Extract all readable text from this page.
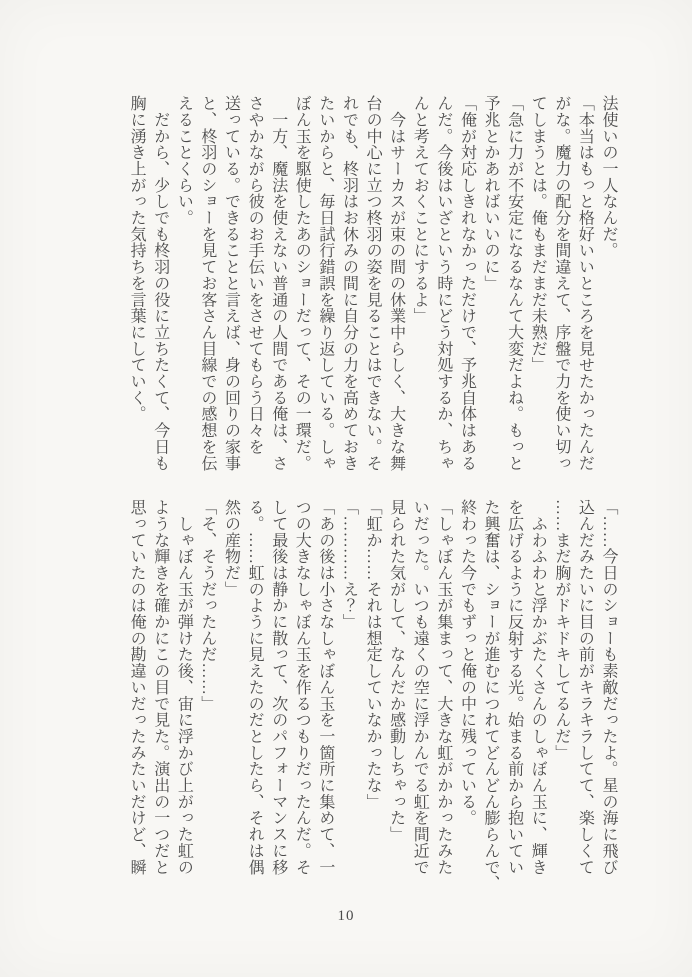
法使いの一人なんだ。
「本当はもっと格好いいところを見せたかったんだ
がな。魔力の配分を間違えて、序盤で力を使い切っ
てしまうとは。俺もまだまだ未熟だ」
「急に力が不安定になるなんて大変だよね。もっと
予兆とかあればいいのに」
「俺が対応しきれなかっただけで、予兆自体はある
んだ。今後はいざという時にどう対処するか、ちゃ
んと考えておくことにするよ」
　今はサーカスが束の間の休業中らしく、大きな舞
台の中心に立つ柊羽の姿を見ることはできない。そ
れでも、柊羽はお休みの間に自分の力を高めておき
たいからと、毎日試行錯誤を繰り返している。しゃ
ぼん玉を駆使したあのショーだって、その一環だ。
　一方、魔法を使えない普通の人間である俺は、さ
さやかながら彼のお手伝いをさせてもらう日々を
送っている。できることと言えば、身の回りの家事
と、柊羽のショーを見てお客さん目線での感想を伝
えることくらい。
　だから、少しでも柊羽の役に立ちたくて、今日も
胸に湧き上がった気持ちを言葉にしていく。
「……今日のショーも素敵だったよ。星の海に飛び
込んだみたいに目の前がキラキラしてて、楽しくて
……まだ胸がドキドキしてるんだ」
　ふわふわと浮かぶたくさんのしゃぼん玉に、輝き
を広げるように反射する光。始まる前から抱いてい
た興奮は、ショーが進むにつれてどんどん膨らんで、
終わった今でもずっと俺の中に残っている。
「しゃぼん玉が集まって、大きな虹がかかったみた
いだった。いつも遠くの空に浮かんでる虹を間近で
見られた気がして、なんだか感動しちゃった」
「虹か……それは想定していなかったな」
「…………え？」
「あの後は小さなしゃぼん玉を一箇所に集めて、一
つの大きなしゃぼん玉を作るつもりだったんだ。そ
して最後は静かに散って、次のパフォーマンスに移
る。……虹のように見えたのだとしたら、それは偶
然の産物だ」
「そ、そうだったんだ……」
　しゃぼん玉が弾けた後、宙に浮かび上がった虹の
ような輝きを確かにこの目で見た。演出の一つだと
思っていたのは俺の勘違いだったみたいだけど、瞬
10
